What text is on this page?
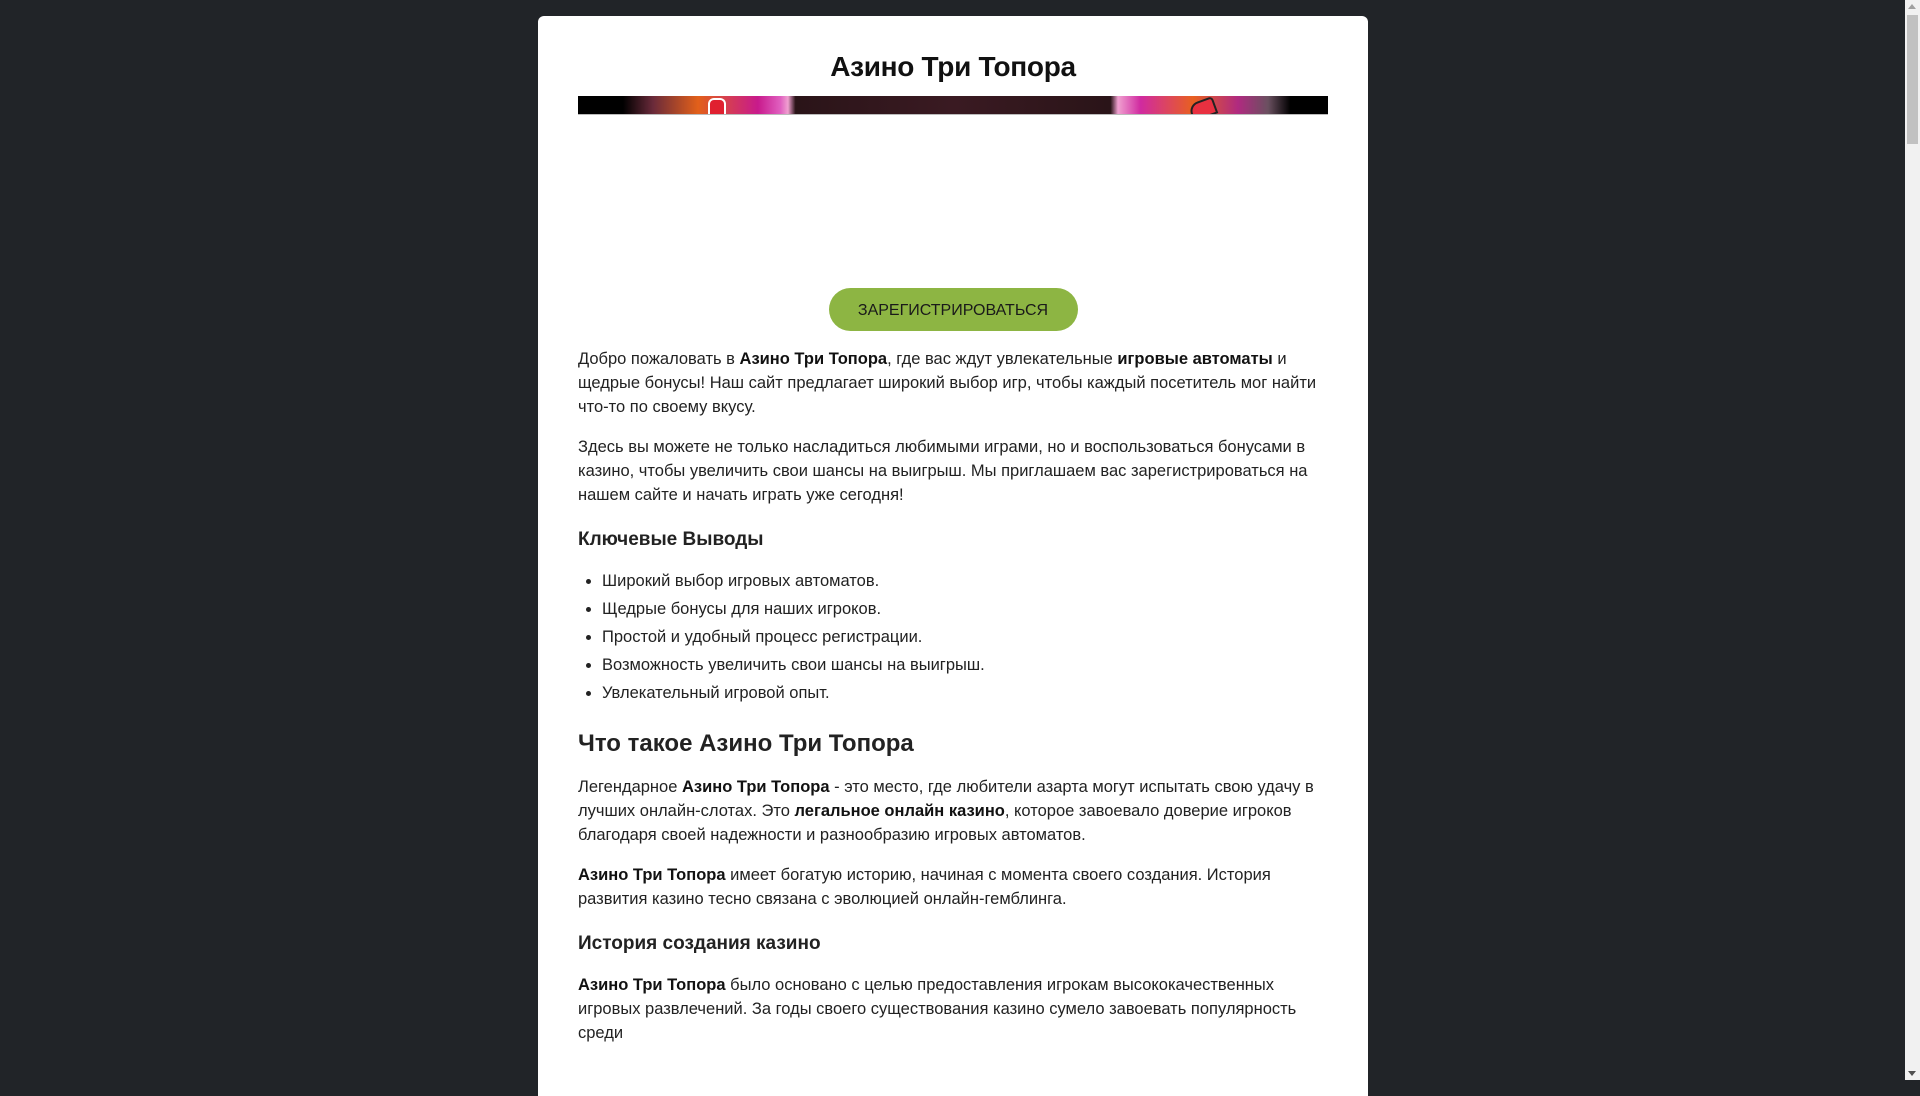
Азино Три Топора
ЗАРЕГИСТРИРОВАТЬСЯ

Добро пожаловать в Азино Три Топора, где вас ждут увлекательные игровые автоматы и щедрые бонусы! Наш сайт предлагает широкий выбор игр, чтобы каждый посетитель мог найти что-то по своему вкусу.

Здесь вы можете не только насладиться любимыми играми, но и воспользоваться бонусами в казино, чтобы увеличить свои шансы на выигрыш. Мы приглашаем вас зарегистрироваться на нашем сайте и начать играть уже сегодня!

Ключевые Выводы
• Широкий выбор игровых автоматов.
• Щедрые бонусы для наших игроков.
• Простой и удобный процесс регистрации.
• Возможность увеличить свои шансы на выигрыш.
• Увлекательный игровой опыт.
Что такое Азино Три Топора

Легендарное Азино Три Топора - это место, где любители азарта могут испытать свою удачу в лучших онлайн-слотах. Это легальное онлайн казино, которое завоевало доверие игроков благодаря своей надежности и разнообразию игровых автоматов.

Азино Три Топора имеет богатую историю, начиная с момента своего создания. История развития казино тесно связана с эволюцией онлайн-гемблинга.

История создания казино

Азино Три Топора было основано с целью предоставления игрокам высококачественных игровых развлечений. За годы своего существования казино сумело завоевать популярность среди
